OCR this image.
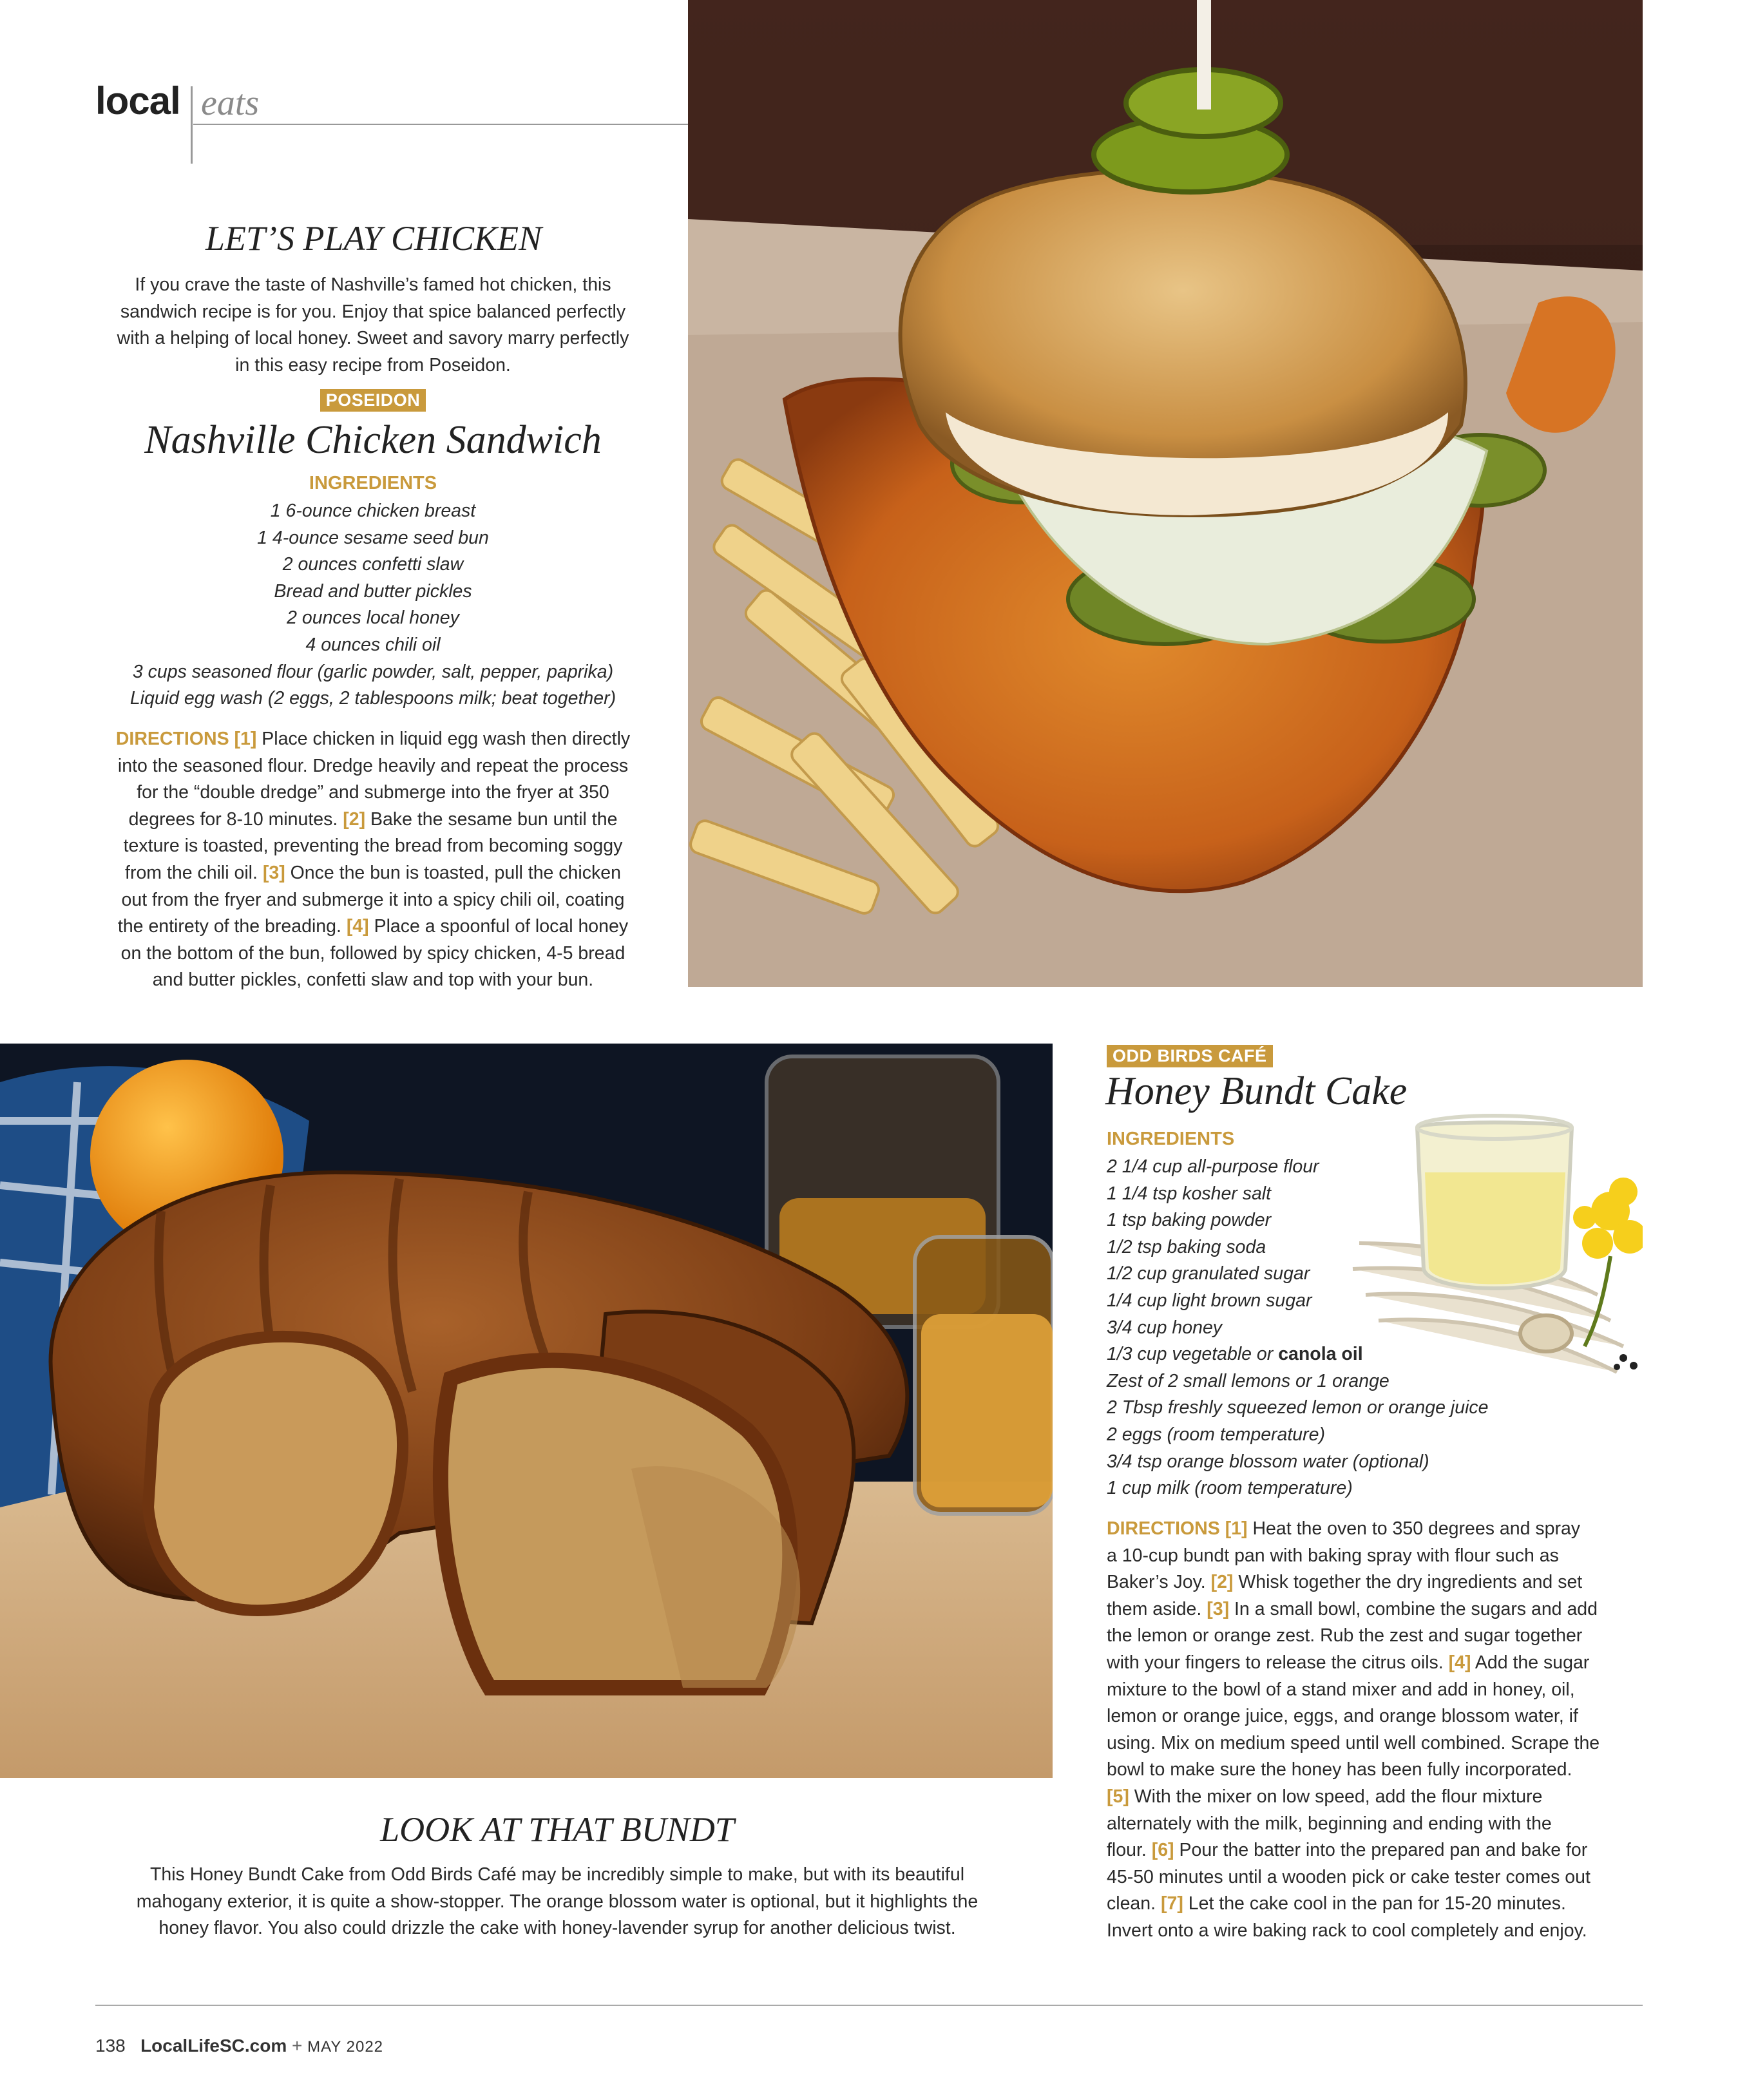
local eats
LET’S PLAY CHICKEN
If you crave the taste of Nashville’s famed hot chicken, this
sandwich recipe is for you. Enjoy that spice balanced perfectly
with a helping of local honey. Sweet and savory marry perfectly
in this easy recipe from Poseidon.
POSEIDON
Nashville Chicken Sandwich
INGREDIENTS
1 6-ounce chicken breast
1 4-ounce sesame seed bun
2 ounces confetti slaw
Bread and butter pickles
2 ounces local honey
4 ounces chili oil
3 cups seasoned flour (garlic powder, salt, pepper, paprika)
Liquid egg wash (2 eggs, 2 tablespoons milk; beat together)
DIRECTIONS [1] Place chicken in liquid egg wash then directly
into the seasoned flour. Dredge heavily and repeat the process
for the “double dredge” and submerge into the fryer at 350
degrees for 8-10 minutes. [2] Bake the sesame bun until the
texture is toasted, preventing the bread from becoming soggy
from the chili oil. [3] Once the bun is toasted, pull the chicken
out from the fryer and submerge it into a spicy chili oil, coating
the entirety of the breading. [4] Place a spoonful of local honey
on the bottom of the bun, followed by spicy chicken, 4-5 bread
and butter pickles, confetti slaw and top with your bun.
ODD BIRDS CAFÉ
Honey Bundt Cake
INGREDIENTS
2 1/4 cup all-purpose flour
1 1/4 tsp kosher salt
1 tsp baking powder
1/2 tsp baking soda
1/2 cup granulated sugar
1/4 cup light brown sugar
3/4 cup honey
1/3 cup vegetable or canola oil
Zest of 2 small lemons or 1 orange
2 Tbsp freshly squeezed lemon or orange juice
2 eggs (room temperature)
3/4 tsp orange blossom water (optional)
1 cup milk (room temperature)
DIRECTIONS [1] Heat the oven to 350 degrees and spray
a 10-cup bundt pan with baking spray with flour such as
Baker’s Joy. [2] Whisk together the dry ingredients and set
them aside. [3] In a small bowl, combine the sugars and add
the lemon or orange zest. Rub the zest and sugar together
with your fingers to release the citrus oils. [4] Add the sugar
mixture to the bowl of a stand mixer and add in honey, oil,
lemon or orange juice, eggs, and orange blossom water, if
using. Mix on medium speed until well combined. Scrape the
bowl to make sure the honey has been fully incorporated.
[5] With the mixer on low speed, add the flour mixture
alternately with the milk, beginning and ending with the
flour. [6] Pour the batter into the prepared pan and bake for
45-50 minutes until a wooden pick or cake tester comes out
clean. [7] Let the cake cool in the pan for 15-20 minutes.
Invert onto a wire baking rack to cool completely and enjoy.
LOOK AT THAT BUNDT
This Honey Bundt Cake from Odd Birds Café may be incredibly simple to make, but with its beautiful
mahogany exterior, it is quite a show-stopper. The orange blossom water is optional, but it highlights the
honey flavor. You also could drizzle the cake with honey-lavender syrup for another delicious twist.
138 LocalLifeSC.com + MAY 2022
